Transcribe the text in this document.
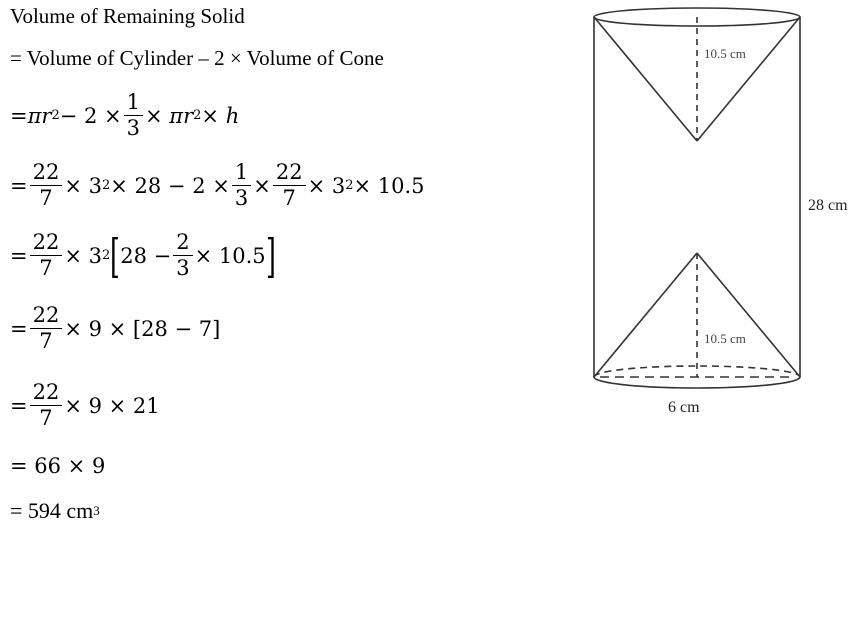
Volume of Remaining Solid
= Volume of Cylinder – 2 × Volume of Cone
= πr $2 - 2 \times \frac{1}{3} \times \pi r$ 2 × h
= $\frac{22}{7} \times 3$ $2 \times 28 - 2 \times \frac{1}{3} \times \frac{22}{7} \times 3$ 2 × 10.5
= $\frac{22}{7} \times 3$ 2 [ $28 - \frac{2}{3} \times 10.5$ ]
= $\frac{22}{7} \times 9 \times [28 - 7]$
= $\frac{22}{7} \times 9 \times 21$
= 66 × 9
= 594 cm 3
10.5 cm
10.5 cm
28 cm
6 cm
